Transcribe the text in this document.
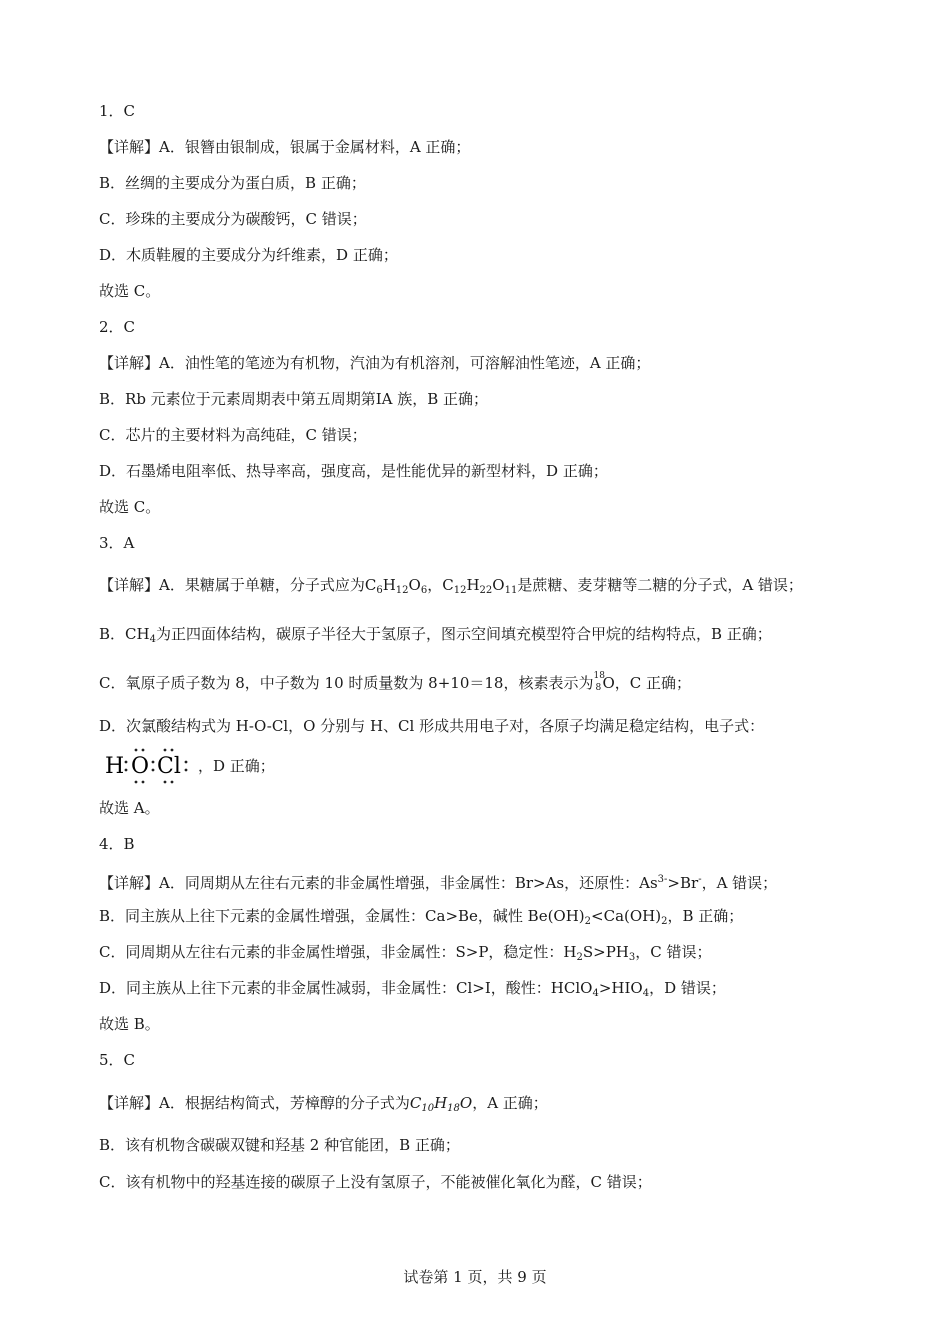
1．C
【详解】A．银簪由银制成，银属于金属材料，A 正确；
B．丝绸的主要成分为蛋白质，B 正确；
C．珍珠的主要成分为碳酸钙，C 错误；
D．木质鞋履的主要成分为纤维素，D 正确；
故选 C。
2．C
【详解】A．油性笔的笔迹为有机物，汽油为有机溶剂，可溶解油性笔迹，A 正确；
B．Rb 元素位于元素周期表中第五周期第IA 族，B 正确；
C．芯片的主要材料为高纯硅，C 错误；
D．石墨烯电阻率低、热导率高，强度高，是性能优异的新型材料，D 正确；
故选 C。
3．A
【详解】A．果糖属于单糖，分子式应为$C_6H_{12}O_6$，$C_{12}H_{22}O_{11}$是蔗糖、麦芽糖等二糖的分子式，A 错误；
B．$CH_4$为正四面体结构，碳原子半径大于氢原子，图示空间填充模型符合甲烷的结构特点，B 正确；
C．氧原子质子数为 8，中子数为 10 时质量数为 8+10＝18，核素表示为 18
8 O，C 正确；
D．次氯酸结构式为 H-O-Cl，O 分别与 H、Cl 形成共用电子对，各原子均满足稳定结构，电子式：
H O Cl ，D 正确；
故选 A。
4．B
【详解】A．同周期从左往右元素的非金属性增强，非金属性：Br>As，还原性：$As^{3-}>Br^-$，A 错误；
B．同主族从上往下元素的金属性增强，金属性：Ca>Be，碱性 $Be(OH)_2<Ca(OH)_2$，B 正确；
C．同周期从左往右元素的非金属性增强，非金属性：S>P，稳定性：$H_2S>PH_3$，C 错误；
D．同主族从上往下元素的非金属性减弱，非金属性：Cl>I，酸性：$HClO_4>HIO_4$，D 错误；
故选 B。
5．C
【详解】A．根据结构简式，芳樟醇的分子式为$C_{10}H_{18}O$，A 正确；
B．该有机物含碳碳双键和羟基 2 种官能团，B 正确；
C．该有机物中的羟基连接的碳原子上没有氢原子，不能被催化氧化为醛，C 错误；
试卷第 1 页，共 9 页
